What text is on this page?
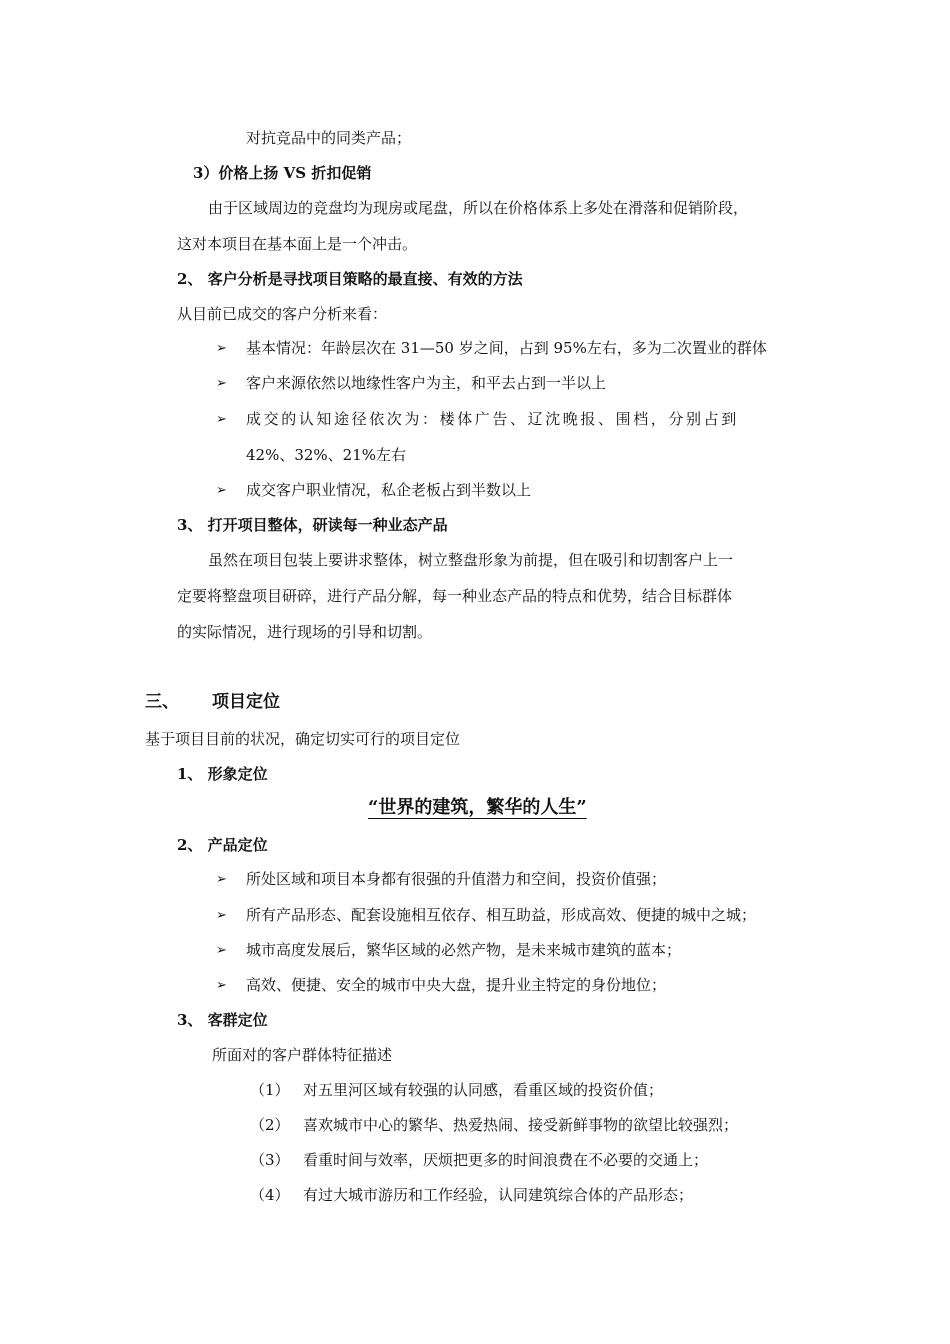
对抗竞品中的同类产品；
3）价格上扬 VS 折扣促销
由于区域周边的竞盘均为现房或尾盘，所以在价格体系上多处在滑落和促销阶段，
这对本项目在基本面上是一个冲击。
2、 客户分析是寻找项目策略的最直接、有效的方法
从目前已成交的客户分析来看：
➢ 基本情况：年龄层次在 31—50 岁之间，占到 95%左右，多为二次置业的群体
➢ 客户来源依然以地缘性客户为主，和平去占到一半以上
➢ 成交的认知途径依次为：楼体广告、辽沈晚报、围档，分别占到
42%、32%、21%左右
➢ 成交客户职业情况，私企老板占到半数以上
3、 打开项目整体，研读每一种业态产品
虽然在项目包装上要讲求整体，树立整盘形象为前提，但在吸引和切割客户上一
定要将整盘项目研碎，进行产品分解，每一种业态产品的特点和优势，结合目标群体
的实际情况，进行现场的引导和切割。
三、 项目定位
基于项目目前的状况，确定切实可行的项目定位
1、 形象定位
“世界的建筑，繁华的人生”
2、 产品定位
➢ 所处区域和项目本身都有很强的升值潜力和空间，投资价值强；
➢ 所有产品形态、配套设施相互依存、相互助益，形成高效、便捷的城中之城；
➢ 城市高度发展后，繁华区域的必然产物，是未来城市建筑的蓝本；
➢ 高效、便捷、安全的城市中央大盘，提升业主特定的身份地位；
3、 客群定位
所面对的客户群体特征描述
（1） 对五里河区域有较强的认同感，看重区域的投资价值；
（2） 喜欢城市中心的繁华、热爱热闹、接受新鲜事物的欲望比较强烈；
（3） 看重时间与效率，厌烦把更多的时间浪费在不必要的交通上；
（4） 有过大城市游历和工作经验，认同建筑综合体的产品形态；
